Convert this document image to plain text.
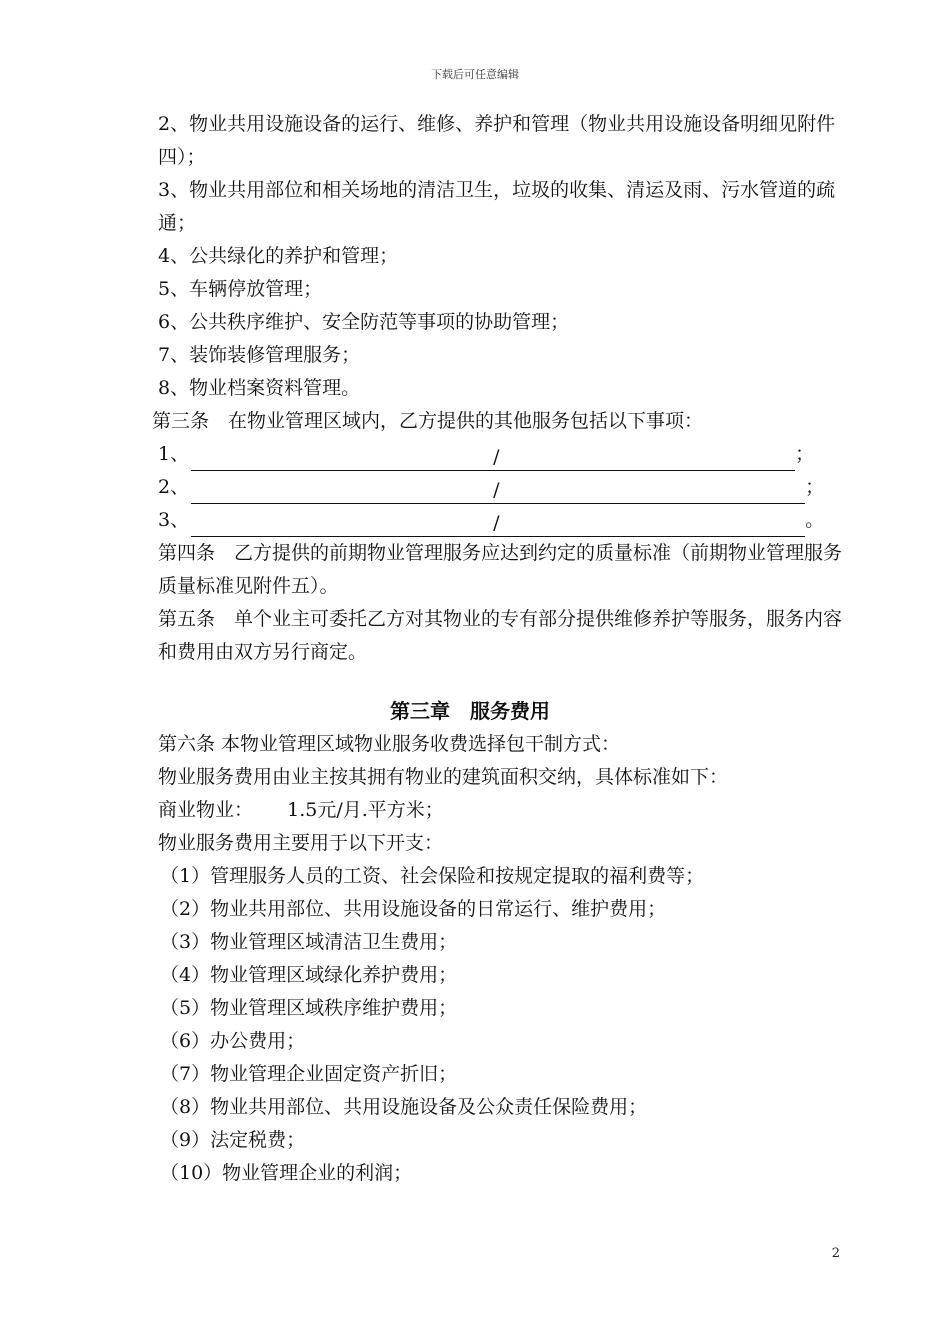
下载后可任意编辑

2、物业共用设施设备的运行、维修、养护和管理（物业共用设施设备明细见附件四）；

3、物业共用部位和相关场地的清洁卫生，垃圾的收集、清运及雨、污水管道的疏通；

4、公共绿化的养护和管理；

5、车辆停放管理；

6、公共秩序维护、安全防范等事项的协助管理；

7、装饰装修管理服务；

8、物业档案资料管理。

第三条　在物业管理区域内，乙方提供的其他服务包括以下事项：

1、	/	；
2、	/	；
3、	/	。

第四条　乙方提供的前期物业管理服务应达到约定的质量标准（前期物业管理服务质量标准见附件五）。

第五条　单个业主可委托乙方对其物业的专有部分提供维修养护等服务，服务内容和费用由双方另行商定。

第三章　服务费用

第六条 本物业管理区域物业服务收费选择包干制方式：

物业服务费用由业主按其拥有物业的建筑面积交纳，具体标准如下：

商业物业： 1.5元/月.平方米；

物业服务费用主要用于以下开支：

（1）管理服务人员的工资、社会保险和按规定提取的福利费等；

（2）物业共用部位、共用设施设备的日常运行、维护费用；

（3）物业管理区域清洁卫生费用；

（4）物业管理区域绿化养护费用；

（5）物业管理区域秩序维护费用；

（6）办公费用；

（7）物业管理企业固定资产折旧；

（8）物业共用部位、共用设施设备及公众责任保险费用；

（9）法定税费；

（10）物业管理企业的利润；

2
